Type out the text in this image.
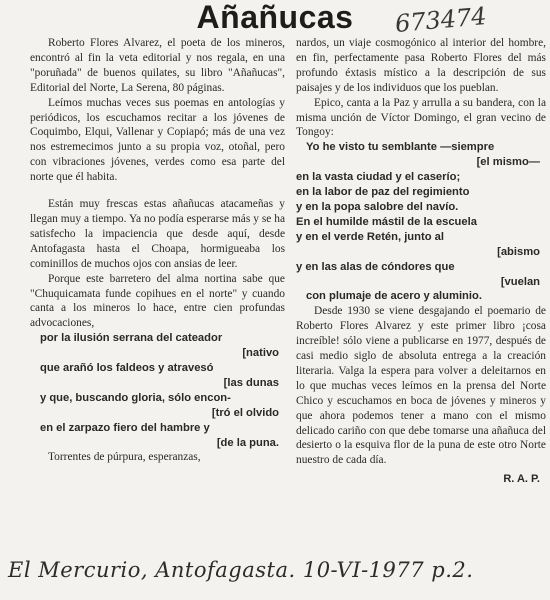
Añañucas	673474

Roberto Flores Alvarez, el poeta de los mineros, encontró al fin la veta editorial y nos regala, en una "poruñada" de buenos quilates, su libro "Añañucas", Editorial del Norte, La Serena, 80 páginas.

Leímos muchas veces sus poemas en antologías y periódicos, los escuchamos recitar a los jóvenes de Coquimbo, Elqui, Vallenar y Copiapó; más de una vez nos estremecimos junto a su propia voz, otoñal, pero con vibraciones jóvenes, verdes como esa parte del norte que él habita.

Están muy frescas estas añañucas atacameñas y llegan muy a tiempo. Ya no podía esperarse más y se ha satisfecho la impaciencia que desde aquí, desde Antofagasta hasta el Choapa, hormigueaba los cominillos de muchos ojos con ansias de leer.

Porque este barretero del alma nortina sabe que "Chuquicamata funde copihues en el norte" y cuando canta a los mineros lo hace, entre cien profundas advocaciones,

por la ilusión serrana del cateador
[nativo
que arañó los faldeos y atravesó
[las dunas
y que, buscando gloria, sólo encon-
[tró el olvido
en el zarpazo fiero del hambre y
[de la puna.

Torrentes de púrpura, esperanzas,

nardos, un viaje cosmogónico al interior del hombre, en fin, perfectamente pasa Roberto Flores del más profundo éxtasis místico a la descripción de sus paisajes y de los individuos que los pueblan.

Epico, canta a la Paz y arrulla a su bandera, con la misma unción de Víctor Domingo, el gran vecino de Tongoy:

Yo he visto tu semblante —siempre
[el mismo—
en la vasta ciudad y el caserío;
en la labor de paz del regimiento
y en la popa salobre del navío.
En el humilde mástil de la escuela
y en el verde Retén, junto al
[abismo
y en las alas de cóndores que
[vuelan
con plumaje de acero y aluminio.

Desde 1930 se viene desgajando el poemario de Roberto Flores Alvarez y este primer libro ¡cosa increíble! sólo viene a publicarse en 1977, después de casi medio siglo de absoluta entrega a la creación literaria. Valga la espera para volver a deleitarnos en lo que muchas veces leímos en la prensa del Norte Chico y escuchamos en boca de jóvenes y mineros y que ahora podemos tener a mano con el mismo delicado cariño con que debe tomarse una añañuca del desierto o la esquiva flor de la puna de este otro Norte nuestro de cada día.

R. A. P.
El Mercurio, Antofagasta. 10-VI-1977 p.2.
